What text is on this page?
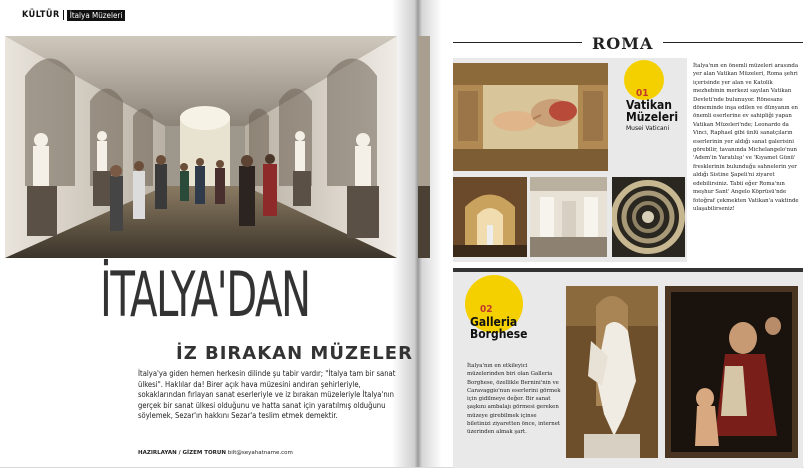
KÜLTÜR	İtalya Müzeleri
İTALYA'DAN
İZ BIRAKAN MÜZELER

İtalya'ya giden hemen herkesin dilinde şu tabir vardır; "İtalya tam bir sanat ülkesi". Haklılar da! Birer açık hava müzesini andıran şehirleriyle, sokaklarından fırlayan sanat eserleriyle ve iz bırakan müzeleriyle İtalya'nın gerçek bir sanat ülkesi olduğunu ve hatta sanat için yaratılmış olduğunu söylemek, Sezar'ın hakkını Sezar'a teslim etmek demektir.

HAZIRLAYAN / GİZEM TORUN bilt@seyahatname.com
ROMA
01
Vatikan
Müzeleri
Musei Vaticani

İtalya'nın en önemli müzeleri arasında yer alan Vatikan Müzeleri, Roma şehri içerisinde yer alan ve Katolik mezhebinin merkezi sayılan Vatikan Devleti'nde bulunuyor. Rönesans döneminde inşa edilen ve dünyanın en önemli eserlerine ev sahipliği yapan Vatikan Müzeleri'nde; Leonardo da Vinci, Raphael gibi ünlü sanatçıların eserlerinin yer aldığı sanat galerisini görebilir, tavanında Michelangelo'nun 'Adem'in Yaratılışı' ve 'Kıyamet Günü' fresklerinin bulunduğu sahnelerin yer aldığı Sistine Şapeli'ni ziyaret edebilirsiniz. Tabii eğer Roma'nın meşhur Sant' Angelo Köprüsü'nde fotoğraf çekmekten Vatikan'a vaktinde ulaşabilirseniz!

02
Galleria
Borghese

İtalya'nın en etkileyici müzelerinden biri olan Galleria Borghese, özellikle Bernini'nin ve Caravaggio'nun eserlerini görmek için gidilmeye değer. Bir sanat şaşkını ambalajı görmesi gereken müzeye girebilmek içinse biletinizi ziyaretten önce, internet üzerinden almak şart.
